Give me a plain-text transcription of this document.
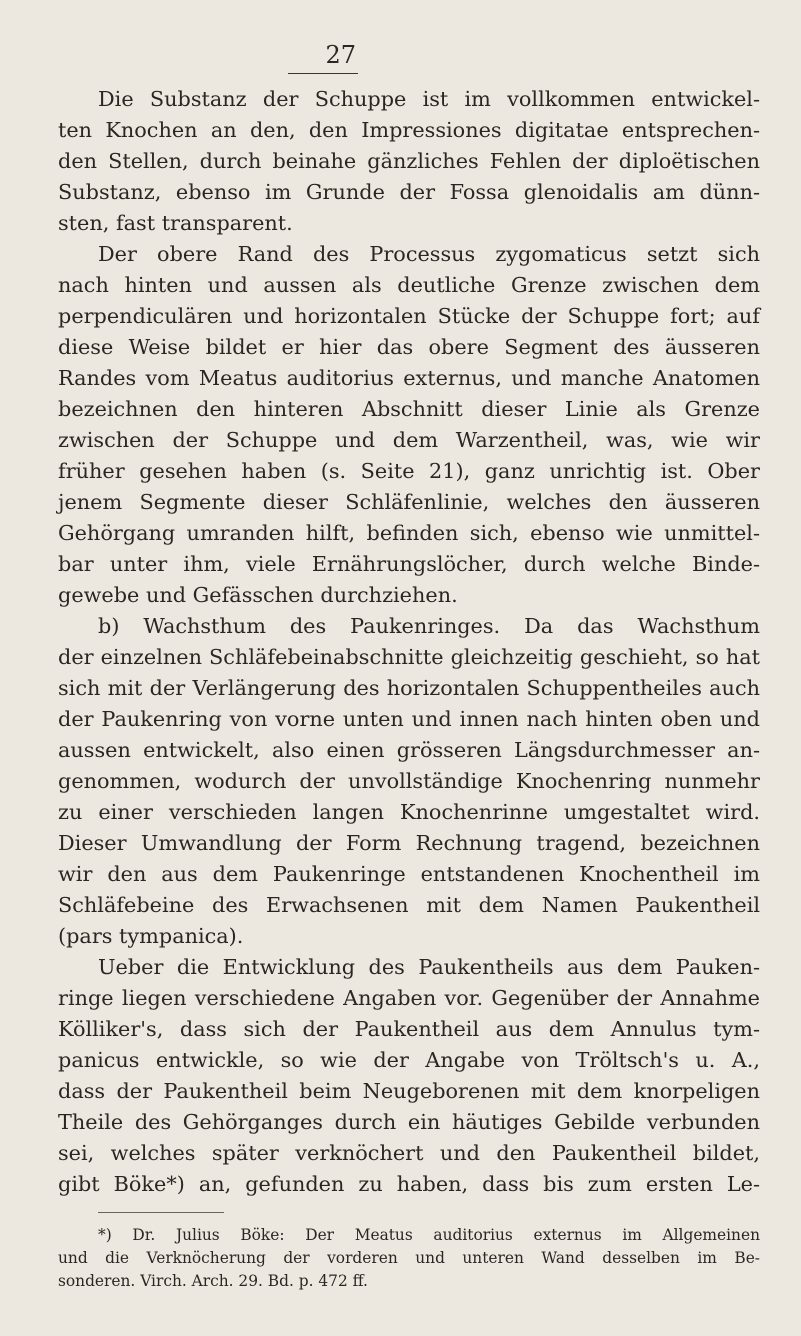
27
Die Substanz der Schuppe ist im vollkommen entwickel-
ten Knochen an den, den Impressiones digitatae entsprechen-
den Stellen, durch beinahe gänzliches Fehlen der diploëtischen
Substanz, ebenso im Grunde der Fossa glenoidalis am dünn-
sten, fast transparent.
Der obere Rand des Processus zygomaticus setzt sich
nach hinten und aussen als deutliche Grenze zwischen dem
perpendiculären und horizontalen Stücke der Schuppe fort; auf
diese Weise bildet er hier das obere Segment des äusseren
Randes vom Meatus auditorius externus, und manche Anatomen
bezeichnen den hinteren Abschnitt dieser Linie als Grenze
zwischen der Schuppe und dem Warzentheil, was, wie wir
früher gesehen haben (s. Seite 21), ganz unrichtig ist. Ober
jenem Segmente dieser Schläfenlinie, welches den äusseren
Gehörgang umranden hilft, befinden sich, ebenso wie unmittel-
bar unter ihm, viele Ernährungslöcher, durch welche Binde-
gewebe und Gefässchen durchziehen.
b) Wachsthum des Paukenringes. Da das Wachsthum
der einzelnen Schläfebeinabschnitte gleichzeitig geschieht, so hat
sich mit der Verlängerung des horizontalen Schuppentheiles auch
der Paukenring von vorne unten und innen nach hinten oben und
aussen entwickelt, also einen grösseren Längsdurchmesser an-
genommen, wodurch der unvollständige Knochenring nunmehr
zu einer verschieden langen Knochenrinne umgestaltet wird.
Dieser Umwandlung der Form Rechnung tragend, bezeichnen
wir den aus dem Paukenringe entstandenen Knochentheil im
Schläfebeine des Erwachsenen mit dem Namen Paukentheil
(pars tympanica).
Ueber die Entwicklung des Paukentheils aus dem Pauken-
ringe liegen verschiedene Angaben vor. Gegenüber der Annahme
Kölliker's, dass sich der Paukentheil aus dem Annulus tym-
panicus entwickle, so wie der Angabe von Tröltsch's u. A.,
dass der Paukentheil beim Neugeborenen mit dem knorpeligen
Theile des Gehörganges durch ein häutiges Gebilde verbunden
sei, welches später verknöchert und den Paukentheil bildet,
gibt Böke*) an, gefunden zu haben, dass bis zum ersten Le-
*) Dr. Julius Böke: Der Meatus auditorius externus im Allgemeinen
und die Verknöcherung der vorderen und unteren Wand desselben im Be-
sonderen. Virch. Arch. 29. Bd. p. 472 ff.
